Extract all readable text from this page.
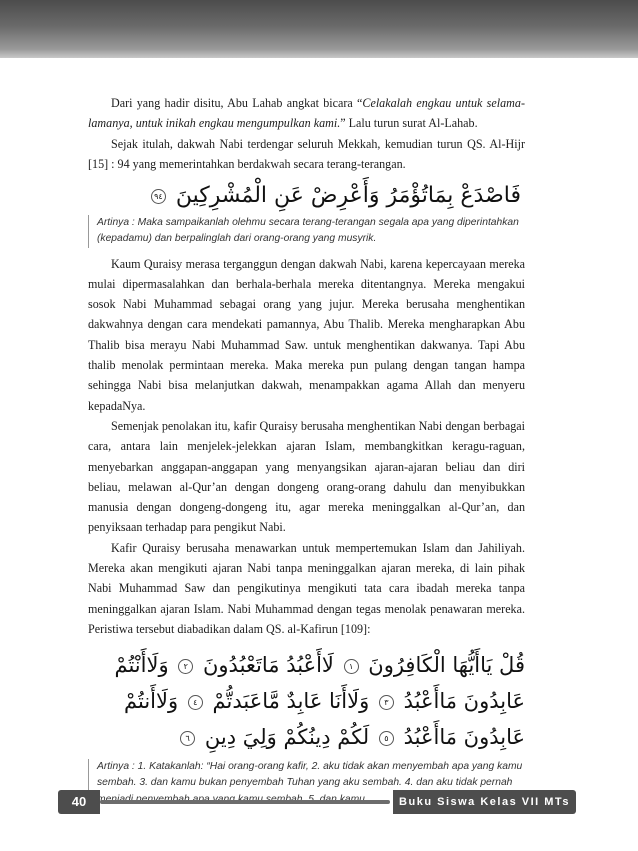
Dari yang hadir disitu, Abu Lahab angkat bicara “Celakalah engkau untuk selama-lamanya, untuk inikah engkau mengumpulkan kami.” Lalu turun surat Al-Lahab.

Sejak itulah, dakwah Nabi terdengar seluruh Mekkah, kemudian turun QS. Al-Hijr [15] : 94 yang memerintahkan berdakwah secara terang-terangan.

فَاصْدَعْ بِمَاتُؤْمَرُ وَأَعْرِضْ عَنِ الْمُشْرِكِينَ ٩٤
Artinya : Maka sampaikanlah olehmu secara terang-terangan segala apa yang diperintahkan (kepadamu) dan berpalinglah dari orang-orang yang musyrik.

Kaum Quraisy merasa terganggun dengan dakwah Nabi, karena kepercayaan mereka mulai dipermasalahkan dan berhala-berhala mereka ditentangnya. Mereka mengakui sosok Nabi Muhammad sebagai orang yang jujur. Mereka berusaha menghentikan dakwahnya dengan cara mendekati pamannya, Abu Thalib. Mereka mengharapkan Abu Thalib bisa merayu Nabi Muhammad Saw. untuk menghentikan dakwanya. Tapi Abu thalib menolak permintaan mereka. Maka mereka pun pulang dengan tangan hampa sehingga Nabi bisa melanjutkan dakwah, menampakkan agama Allah dan menyeru kepadaNya.

Semenjak penolakan itu, kafir Quraisy berusaha menghentikan Nabi dengan berbagai cara, antara lain menjelek-jelekkan ajaran Islam, membangkitkan keragu-raguan, menyebarkan anggapan-anggapan yang menyangsikan ajaran-ajaran beliau dan diri beliau, melawan al-Qur’an dengan dongeng orang-orang dahulu dan menyibukkan manusia dengan dongeng-dongeng itu, agar mereka meninggalkan al-Qur’an, dan penyiksaan terhadap para pengikut Nabi.

Kafir Quraisy berusaha menawarkan untuk mempertemukan Islam dan Jahiliyah. Mereka akan mengikuti ajaran Nabi tanpa meninggalkan ajaran mereka, di lain pihak Nabi Muhammad Saw dan pengikutinya mengikuti tata cara ibadah mereka tanpa meninggalkan ajaran Islam. Nabi Muhammad dengan tegas menolak penawaran mereka. Peristiwa tersebut diabadikan dalam QS. al-Kafirun [109]:

قُلْ يَاأَيُّهَا الْكَافِرُونَ ١ لَاأَعْبُدُ مَاتَعْبُدُونَ ٢ وَلَاأَنْتُمْ عَابِدُونَ مَاأَعْبُدُ ٣ وَلَاأَنَا عَابِدٌ مَّاعَبَدتُّمْ ٤ وَلَاأَنتُمْ عَابِدُونَ مَاأَعْبُدُ ٥ لَكُمْ دِينُكُمْ وَلِيَ دِينِ ٦
Artinya : 1. Katakanlah: “Hai orang-orang kafir, 2. aku tidak akan menyembah apa yang kamu sembah. 3. dan kamu bukan penyembah Tuhan yang aku sembah. 4. dan aku tidak pernah
40	Buku Siswa Kelas VII MTs
